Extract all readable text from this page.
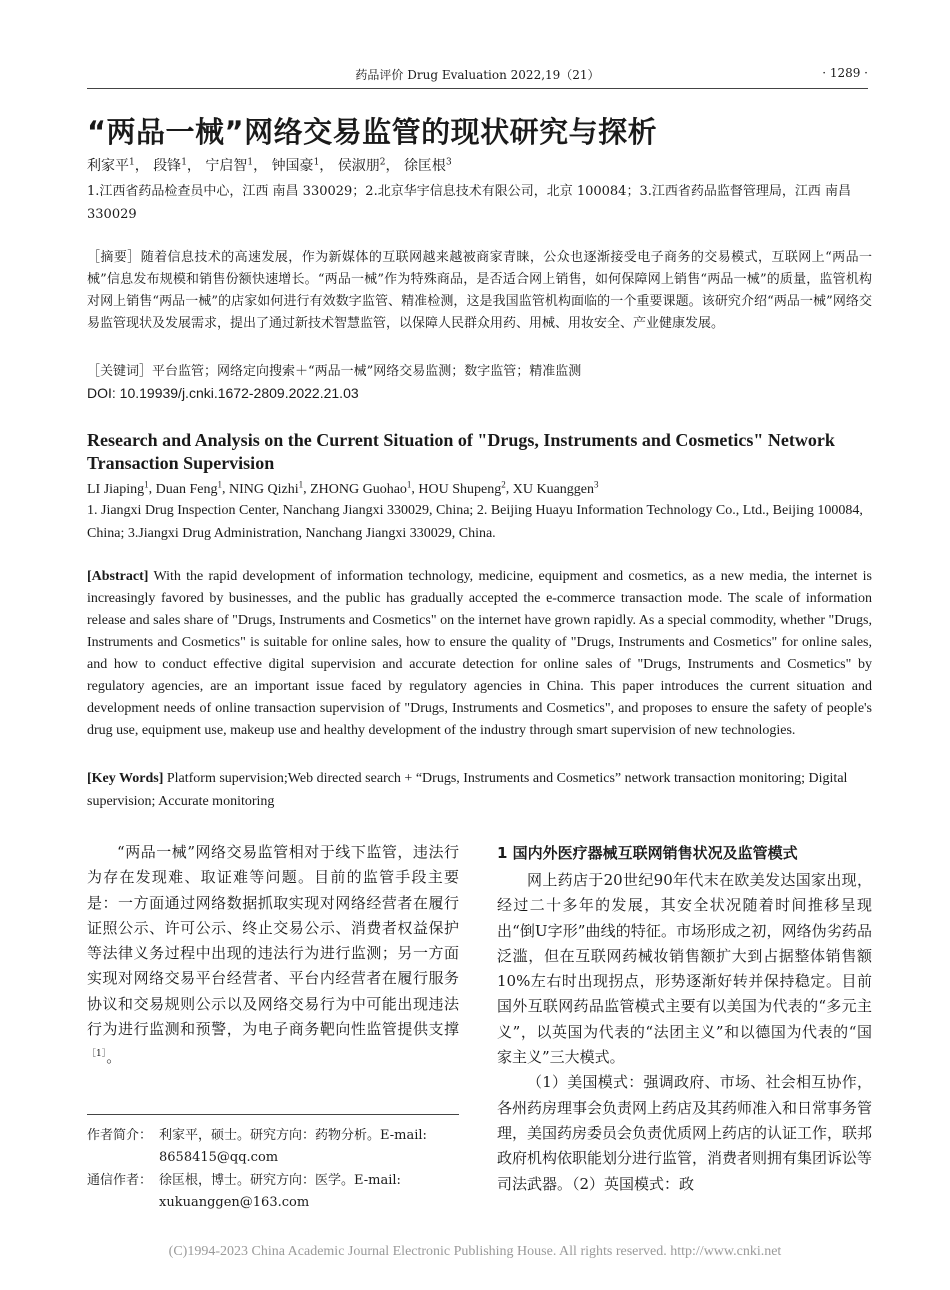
药品评价 Drug Evaluation 2022,19（21）	· 1289 ·
“两品一械”网络交易监管的现状研究与探析
利家平$^1$， 段锋$^1$， 宁启智$^1$， 钟国豪$^1$， 侯淑朋$^2$， 徐匡根$^3$
1.江西省药品检查员中心，江西 南昌 330029；2.北京华宇信息技术有限公司，北京 100084；3.江西省药品监督管理局，江西 南昌 330029
［摘要］随着信息技术的高速发展，作为新媒体的互联网越来越被商家青睐，公众也逐渐接受电子商务的交易模式，互联网上“两品一械”信息发布规模和销售份额快速增长。“两品一械”作为特殊商品，是否适合网上销售，如何保障网上销售“两品一械”的质量，监管机构对网上销售“两品一械”的店家如何进行有效数字监管、精准检测，这是我国监管机构面临的一个重要课题。该研究介绍“两品一械”网络交易监管现状及发展需求，提出了通过新技术智慧监管，以保障人民群众用药、用械、用妆安全、产业健康发展。
［关键词］平台监管；网络定向搜索＋“两品一械”网络交易监测；数字监管；精准监测
DOI: 10.19939/j.cnki.1672-2809.2022.21.03
Research and Analysis on the Current Situation of "Drugs, Instruments and Cosmetics" Network Transaction Supervision
LI Jiaping$^1$, Duan Feng$^1$, NING Qizhi$^1$, ZHONG Guohao$^1$, HOU Shupeng$^2$, XU Kuanggen$^3$
1. Jiangxi Drug Inspection Center, Nanchang Jiangxi 330029, China; 2. Beijing Huayu Information Technology Co., Ltd., Beijing 100084, China; 3.Jiangxi Drug Administration, Nanchang Jiangxi 330029, China.
[Abstract] With the rapid development of information technology, medicine, equipment and cosmetics, as a new media, the internet is increasingly favored by businesses, and the public has gradually accepted the e-commerce transaction mode. The scale of information release and sales share of "Drugs, Instruments and Cosmetics" on the internet have grown rapidly. As a special commodity, whether "Drugs, Instruments and Cosmetics" is suitable for online sales, how to ensure the quality of "Drugs, Instruments and Cosmetics" for online sales, and how to conduct effective digital supervision and accurate detection for online sales of "Drugs, Instruments and Cosmetics" by regulatory agencies, are an important issue faced by regulatory agencies in China. This paper introduces the current situation and development needs of online transaction supervision of "Drugs, Instruments and Cosmetics", and proposes to ensure the safety of people's drug use, equipment use, makeup use and healthy development of the industry through smart supervision of new technologies.
[Key Words] Platform supervision;Web directed search + “Drugs, Instruments and Cosmetics” network transaction monitoring; Digital supervision; Accurate monitoring

“两品一械”网络交易监管相对于线下监管，违法行为存在发现难、取证难等问题。目前的监管手段主要是：一方面通过网络数据抓取实现对网络经营者在履行证照公示、许可公示、终止交易公示、消费者权益保护等法律义务过程中出现的违法行为进行监测；另一方面实现对网络交易平台经营者、平台内经营者在履行服务协议和交易规则公示以及网络交易行为中可能出现违法行为进行监测和预警，为电子商务靶向性监管提供支撑$^{[1]}$。

作者简介： 利家平，硕士。研究方向：药物分析。E-mail:
8658415@qq.com
通信作者： 徐匡根，博士。研究方向：医学。E-mail:
xukuanggen@163.com
1 国内外医疗器械互联网销售状况及监管模式

网上药店于20世纪90年代末在欧美发达国家出现，经过二十多年的发展，其安全状况随着时间推移呈现出“倒U字形”曲线的特征。市场形成之初，网络伪劣药品泛滥，但在互联网药械妆销售额扩大到占据整体销售额10%左右时出现拐点，形势逐渐好转并保持稳定。目前国外互联网药品监管模式主要有以美国为代表的“多元主义”，以英国为代表的“法团主义”和以德国为代表的“国家主义”三大模式。

（1）美国模式：强调政府、市场、社会相互协作，各州药房理事会负责网上药店及其药师准入和日常事务管理，美国药房委员会负责优质网上药店的认证工作，联邦政府机构依职能划分进行监管，消费者则拥有集团诉讼等司法武器。（2）英国模式：政

(C)1994-2023 China Academic Journal Electronic Publishing House. All rights reserved. http://www.cnki.net
